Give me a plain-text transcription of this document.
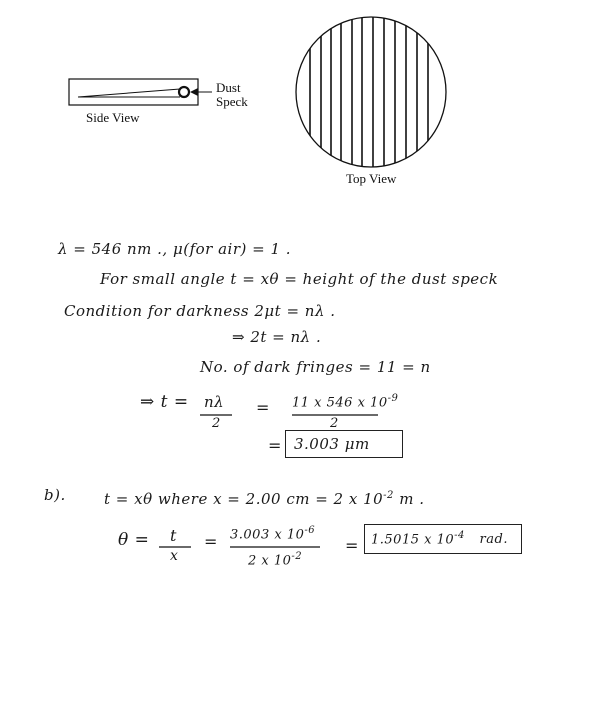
Dust
Speck
Side View
Top View
λ = 546 nm ., μ(for air) = 1 .
For small angle t = xθ = height of the dust speck
Condition for darkness 2μt = nλ .
⇒ 2t = nλ .
No. of dark fringes = 11 = n
⇒ t = nλ
2
= 11 x 546 x $10^{-9}$
2
= 3.003 μm
b).	t = xθ where x = 2.00 cm = 2 x $10^{-2}$ m .
θ = t
x
= 3.003 x $10^{-6}$
2 x $10^{-2}$
= 1.5015 x $10^{-4}$ rad.
